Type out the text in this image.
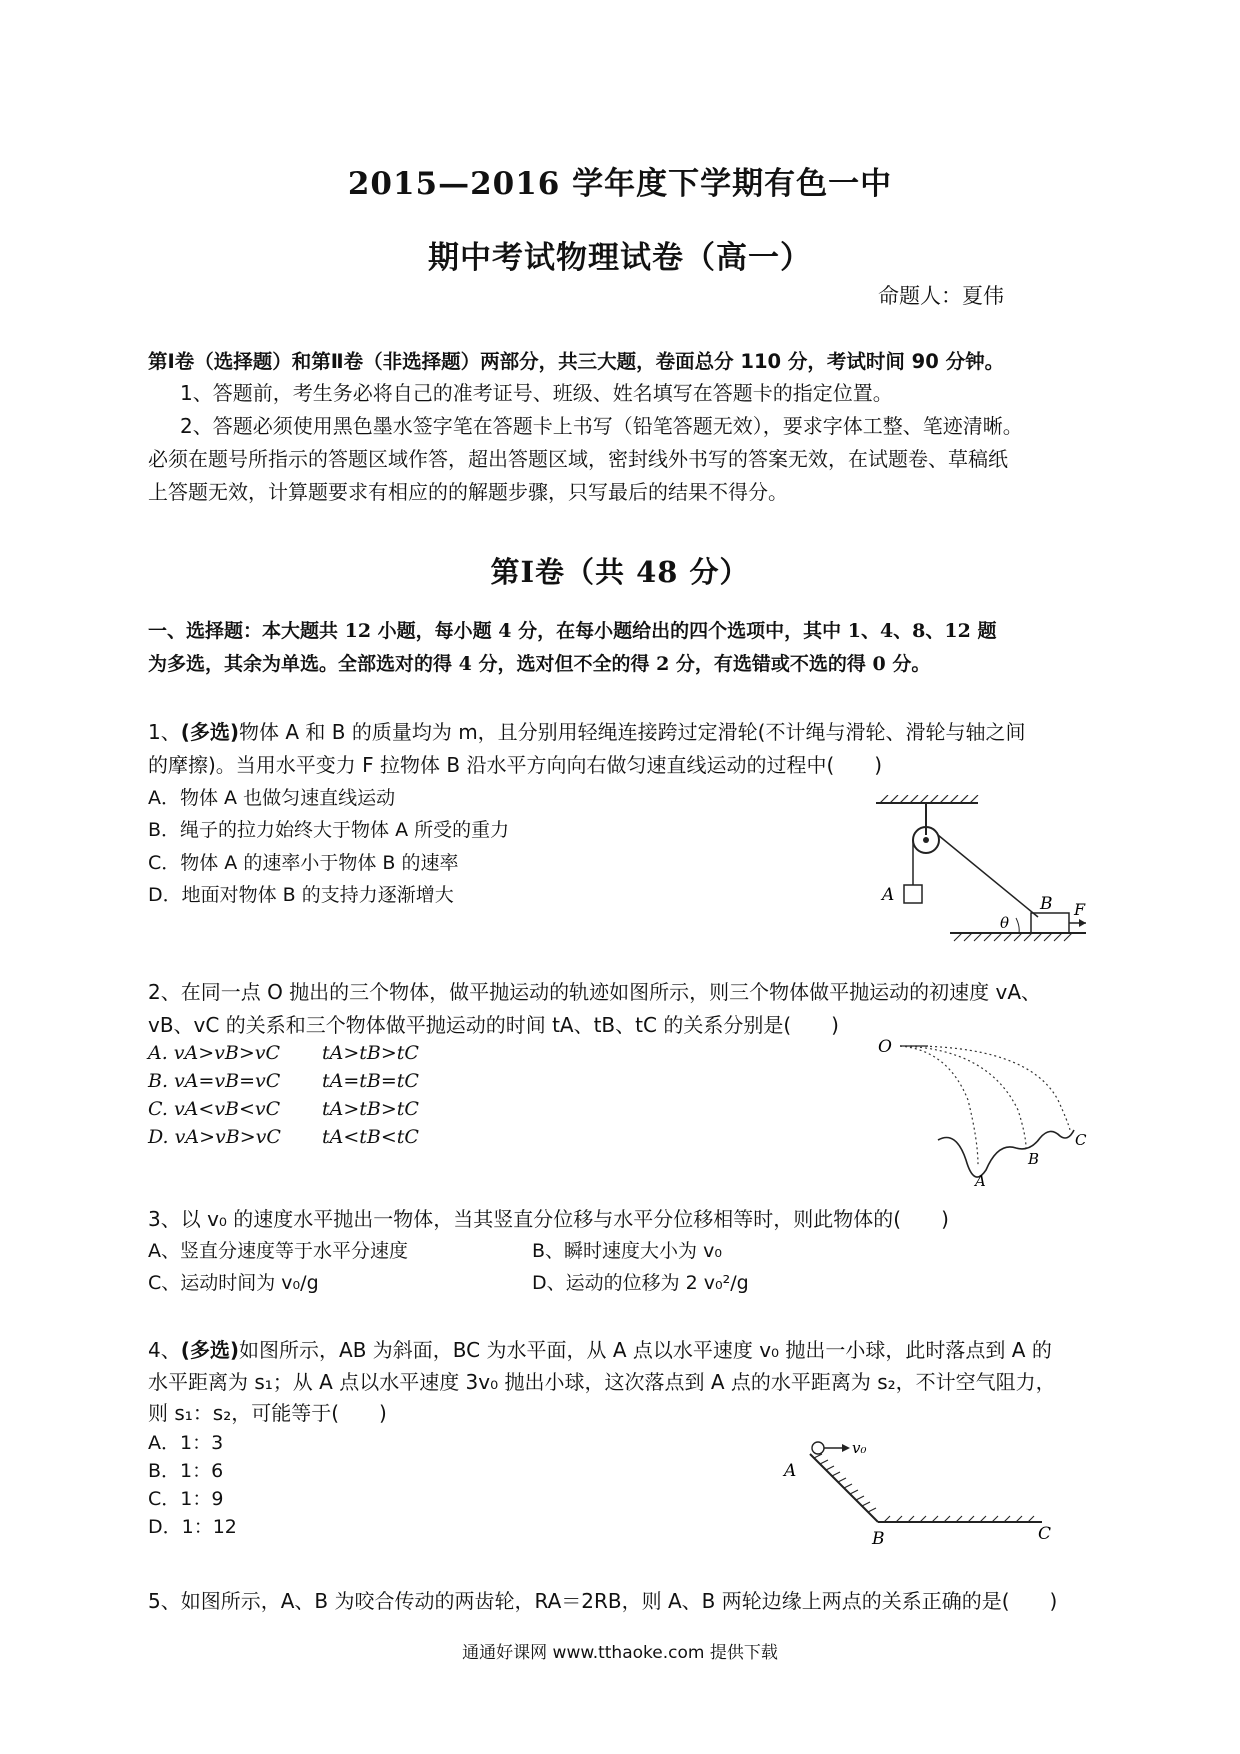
2015—2016 学年度下学期有色一中
期中考试物理试卷（高一）
命题人：夏伟
第Ⅰ卷（选择题）和第Ⅱ卷（非选择题）两部分，共三大题，卷面总分 110 分，考试时间 90 分钟。
1、答题前，考生务必将自己的准考证号、班级、姓名填写在答题卡的指定位置。
2、答题必须使用黑色墨水签字笔在答题卡上书写（铅笔答题无效），要求字体工整、笔迹清晰。
必须在题号所指示的答题区域作答，超出答题区域，密封线外书写的答案无效，在试题卷、草稿纸
上答题无效，计算题要求有相应的的解题步骤，只写最后的结果不得分。
第Ⅰ卷（共 48 分）
一、选择题：本大题共 12 小题，每小题 4 分，在每小题给出的四个选项中，其中 1、4、8、12 题
为多选，其余为单选。全部选对的得 4 分，选对但不全的得 2 分，有选错或不选的得 0 分。
1、(多选)物体 A 和 B 的质量均为 m，且分别用轻绳连接跨过定滑轮(不计绳与滑轮、滑轮与轴之间
的摩擦)。当用水平变力 F 拉物体 B 沿水平方向向右做匀速直线运动的过程中(　　)
A．物体 A 也做匀速直线运动
B．绳子的拉力始终大于物体 A 所受的重力
C．物体 A 的速率小于物体 B 的速率
D．地面对物体 B 的支持力逐渐增大	A	B
θ
F
2、在同一点 O 抛出的三个物体，做平抛运动的轨迹如图所示，则三个物体做平抛运动的初速度 vA、
vB、vC 的关系和三个物体做平抛运动的时间 tA、tB、tC 的关系分别是(　　)
A. vA>vB>vC tA>tB>tC
B. vA=vB=vC tA=tB=tC
C. vA<vB<vC tA>tB>tC
D. vA>vB>vC tA<tB<tC
O
A
B
C
3、以 v₀ 的速度水平抛出一物体，当其竖直分位移与水平分位移相等时，则此物体的(　　)
A、竖直分速度等于水平分速度	B、瞬时速度大小为 v₀
C、运动时间为 v₀/g	D、运动的位移为 2 v₀²/g
4、(多选)如图所示，AB 为斜面，BC 为水平面，从 A 点以水平速度 v₀ 抛出一小球，此时落点到 A 的
水平距离为 s₁；从 A 点以水平速度 3v₀ 抛出小球，这次落点到 A 点的水平距离为 s₂，不计空气阻力，
则 s₁：s₂，可能等于(　　)
A．1：3
B．1：6
C．1：9
D．1：12
v₀
A
B	C
5、如图所示，A、B 为咬合传动的两齿轮，RA＝2RB，则 A、B 两轮边缘上两点的关系正确的是(　　)
通通好课网 www.tthaoke.com 提供下载
